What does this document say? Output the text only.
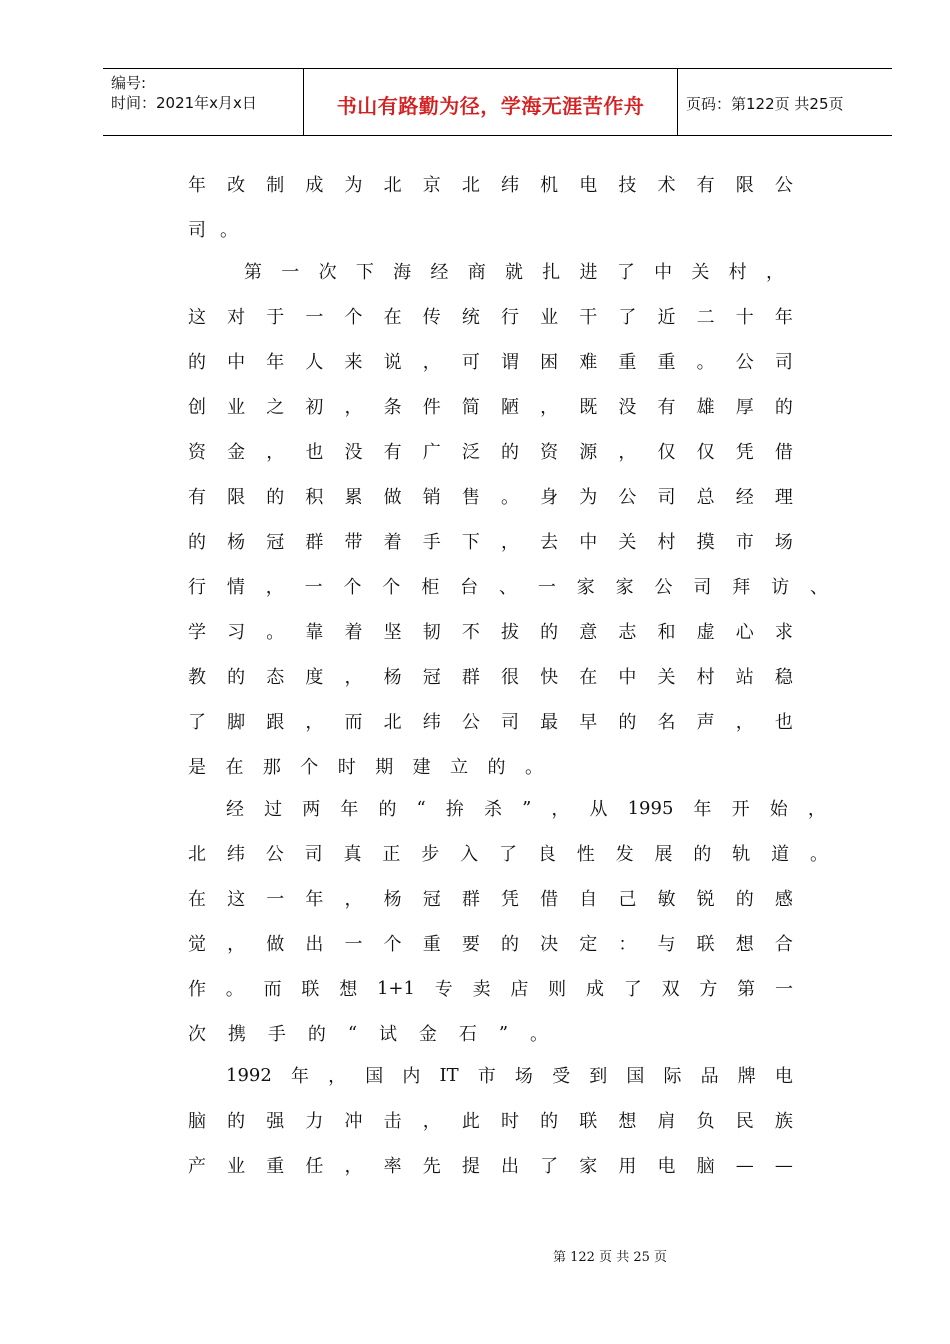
编号:
时间：2021年x月x日	书山有路勤为径，学海无涯苦作舟	页码：第122页 共25页
年 改 制 成 为 北 京 北 纬 机 电 技 术 有 限 公
司 。
第 一 次 下 海 经 商 就 扎 进 了 中 关 村 ，
这 对 于 一 个 在 传 统 行 业 干 了 近 二 十 年
的 中 年 人 来 说 ， 可 谓 困 难 重 重 。 公 司
创 业 之 初 ， 条 件 简 陋 ， 既 没 有 雄 厚 的
资 金 ， 也 没 有 广 泛 的 资 源 ， 仅 仅 凭 借
有 限 的 积 累 做 销 售 。 身 为 公 司 总 经 理
的 杨 冠 群 带 着 手 下 ， 去 中 关 村 摸 市 场
行 情 ， 一 个 个 柜 台 、 一 家 家 公 司 拜 访 、
学 习 。 靠 着 坚 韧 不 拔 的 意 志 和 虚 心 求
教 的 态 度 ， 杨 冠 群 很 快 在 中 关 村 站 稳
了 脚 跟 ， 而 北 纬 公 司 最 早 的 名 声 ， 也
是 在 那 个 时 期 建 立 的 。
经 过 两 年 的 “ 拚 杀 ” ， 从 1995 年 开 始 ，
北 纬 公 司 真 正 步 入 了 良 性 发 展 的 轨 道 。
在 这 一 年 ， 杨 冠 群 凭 借 自 己 敏 锐 的 感
觉 ， 做 出 一 个 重 要 的 决 定 ： 与 联 想 合
作 。 而 联 想 1+1 专 卖 店 则 成 了 双 方 第 一
次 携 手 的 “ 试 金 石 ” 。
1992 年 ， 国 内 IT 市 场 受 到 国 际 品 牌 电
脑 的 强 力 冲 击 ， 此 时 的 联 想 肩 负 民 族
产 业 重 任 ， 率 先 提 出 了 家 用 电 脑 — —
第 122 页 共 25 页
